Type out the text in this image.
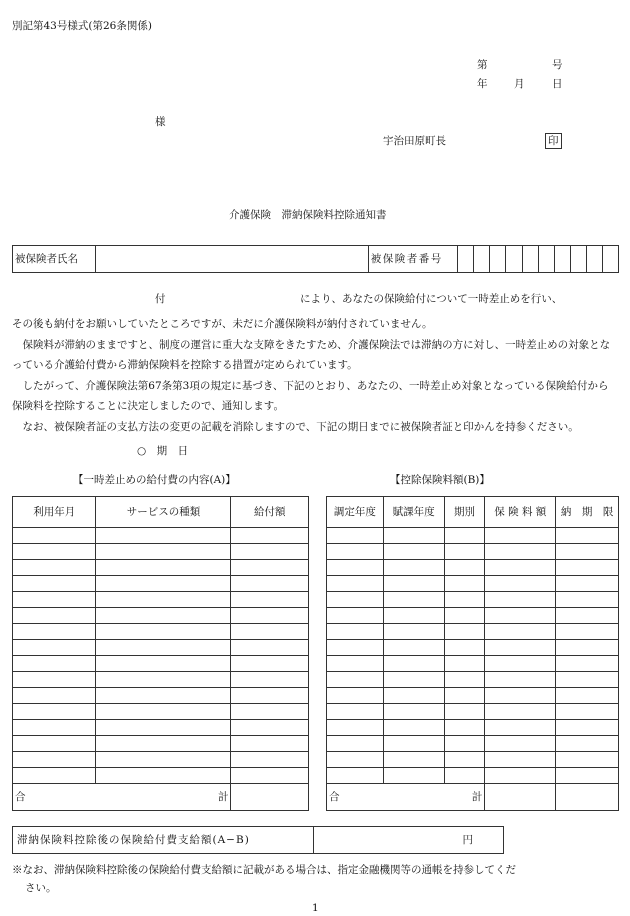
別記第43号様式(第26条関係)
第	号
年	月	日
様
宇治田原町長	印
介護保険　滞納保険料控除通知書
被保険者氏名		被保険者番号										
付	により、あなたの保険給付について一時差止めを行い、
その後も納付をお願いしていたところですが、未だに介護保険料が納付されていません。
　保険料が滞納のままですと、制度の運営に重大な支障をきたすため、介護保険法では滞納の方に対し、一時差止めの対象となっている介護給付費から滞納保険料を控除する措置が定められています。
　したがって、介護保険法第67条第3項の規定に基づき、下記のとおり、あなたの、一時差止め対象となっている保険給付から保険料を控除することに決定しましたので、通知します。
　なお、被保険者証の支払方法の変更の記載を消除しますので、下記の期日までに被保険者証と印かんを持参ください。
○　期　日
【一時差止めの給付費の内容(A)】	【控除保険料額(B)】
利用年月	サービスの種類	給付額

合 計		

調定年度	賦課年度	期別	保 険 料 額	納　期　限

合 計				

滞納保険料控除後の保険給付費支給額(A−B)	円
※なお、滞納保険料控除後の保険給付費支給額に記載がある場合は、指定金融機関等の通帳を持参してくだ
さい。
1
